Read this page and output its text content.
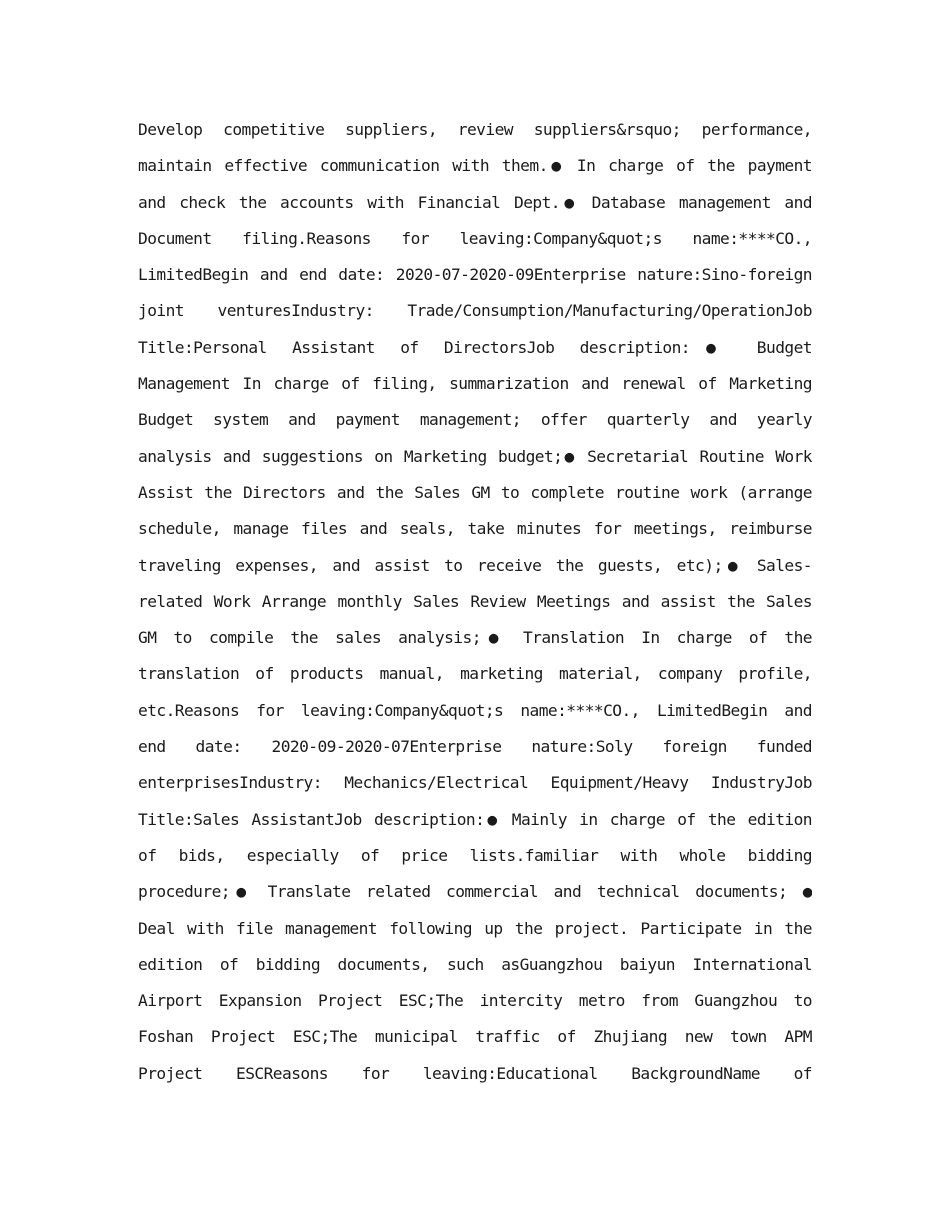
Develop competitive suppliers, review suppliers&rsquo; performance,
maintain effective communication with them.● In charge of the payment
and check the accounts with Financial Dept.● Database management and
Document filing.Reasons for leaving:Company&quot;s name:****CO.,
LimitedBegin and end date: 2020-07-2020-09Enterprise nature:Sino-foreign
joint venturesIndustry: Trade/Consumption/Manufacturing/OperationJob
Title:Personal Assistant of DirectorsJob description:● Budget
Management In charge of filing, summarization and renewal of Marketing
Budget system and payment management; offer quarterly and yearly
analysis and suggestions on Marketing budget;● Secretarial Routine Work
Assist the Directors and the Sales GM to complete routine work (arrange
schedule, manage files and seals, take minutes for meetings, reimburse
traveling expenses, and assist to receive the guests, etc);● Sales-
related Work Arrange monthly Sales Review Meetings and assist the Sales
GM to compile the sales analysis;● Translation In charge of the
translation of products manual, marketing material, company profile,
etc.Reasons for leaving:Company&quot;s name:****CO., LimitedBegin and
end date: 2020-09-2020-07Enterprise nature:Soly foreign funded
enterprisesIndustry: Mechanics/Electrical Equipment/Heavy IndustryJob
Title:Sales AssistantJob description:● Mainly in charge of the edition
of bids, especially of price lists.familiar with whole bidding
procedure;● Translate related commercial and technical documents; ●
Deal with file management following up the project. Participate in the
edition of bidding documents, such asGuangzhou baiyun International
Airport Expansion Project ESC;The intercity metro from Guangzhou to
Foshan Project ESC;The municipal traffic of Zhujiang new town APM
Project ESCReasons for leaving:Educational BackgroundName of
